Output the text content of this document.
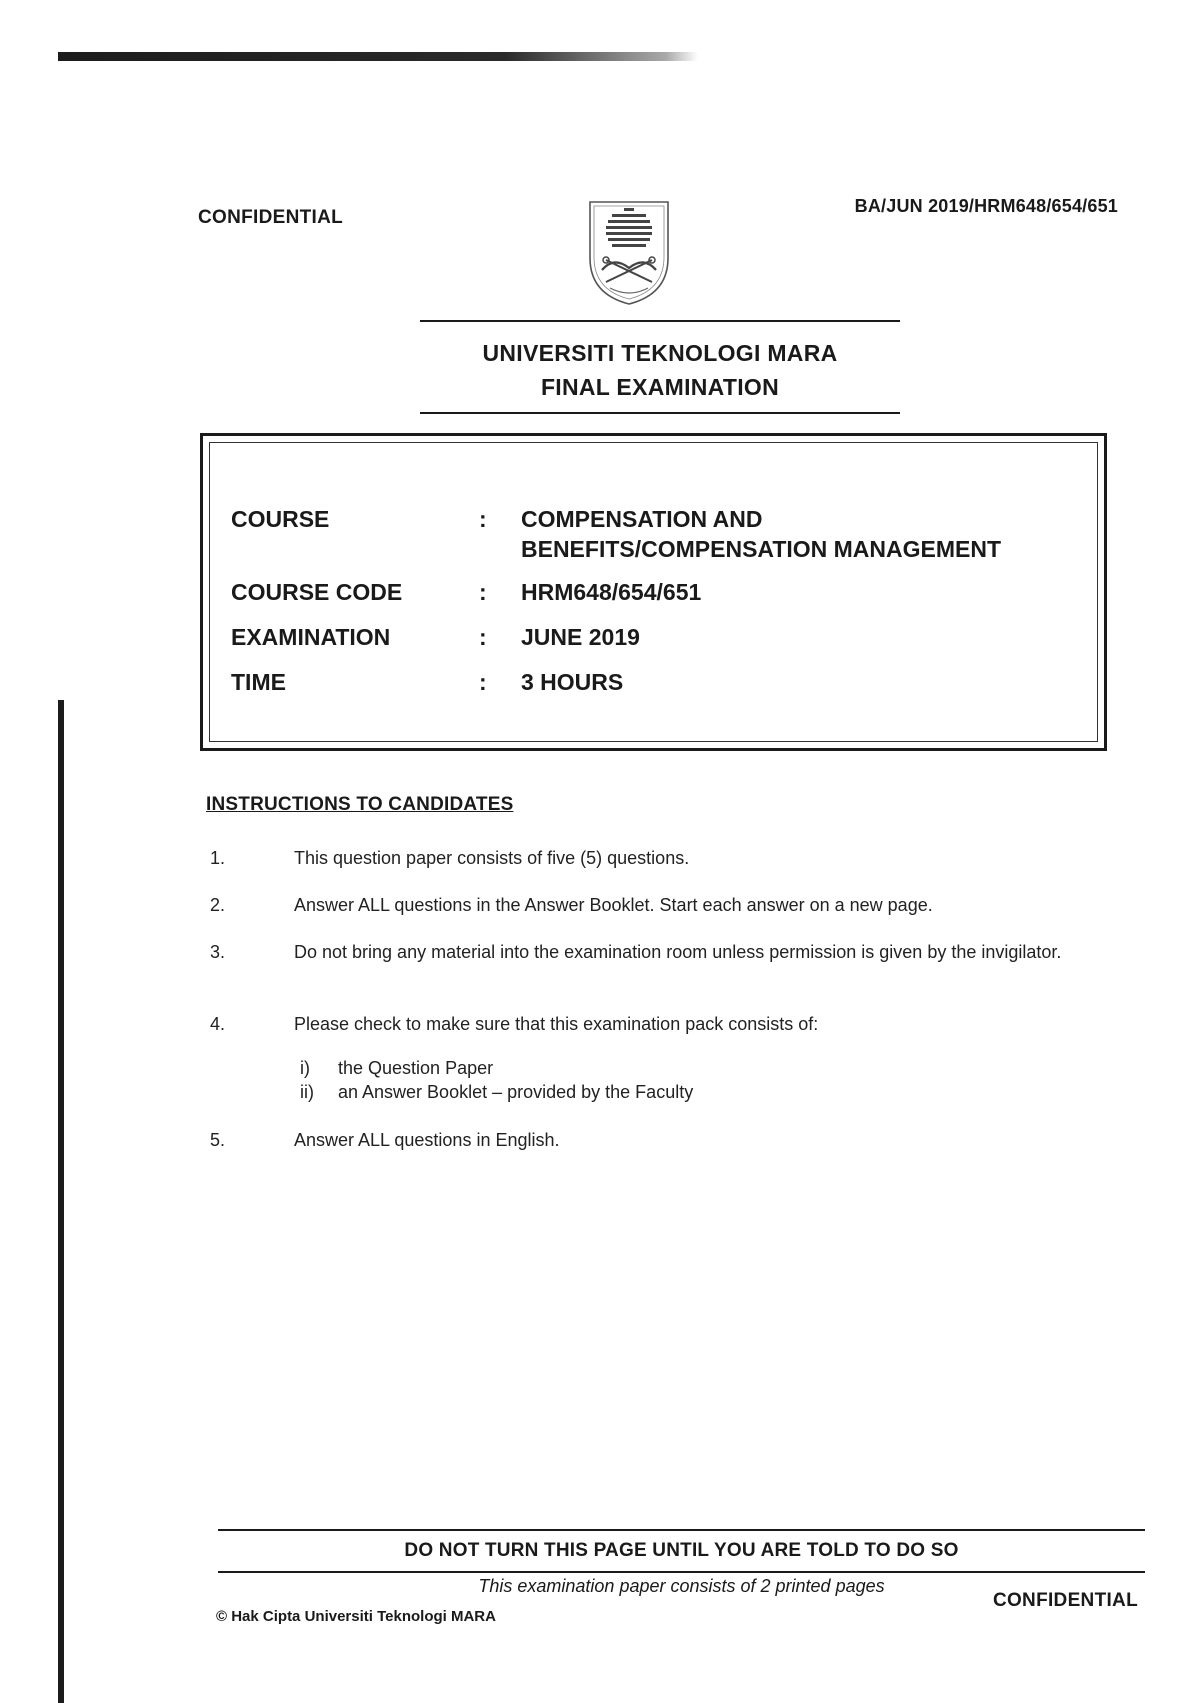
CONFIDENTIAL
BA/JUN 2019/HRM648/654/651
UNIVERSITI TEKNOLOGI MARA
FINAL EXAMINATION
COURSE	: COMPENSATION AND
BENEFITS/COMPENSATION MANAGEMENT
COURSE CODE	: HRM648/654/651
EXAMINATION	: JUNE 2019
TIME	: 3 HOURS
INSTRUCTIONS TO CANDIDATES
1.	This question paper consists of five (5) questions.
2.	Answer ALL questions in the Answer Booklet. Start each answer on a new page.
3.	Do not bring any material into the examination room unless permission is given by the invigilator.
4.	Please check to make sure that this examination pack consists of:
i)	the Question Paper
ii)	an Answer Booklet – provided by the Faculty
5.	Answer ALL questions in English.
DO NOT TURN THIS PAGE UNTIL YOU ARE TOLD TO DO SO
This examination paper consists of 2 printed pages
© Hak Cipta Universiti Teknologi MARA
CONFIDENTIAL
